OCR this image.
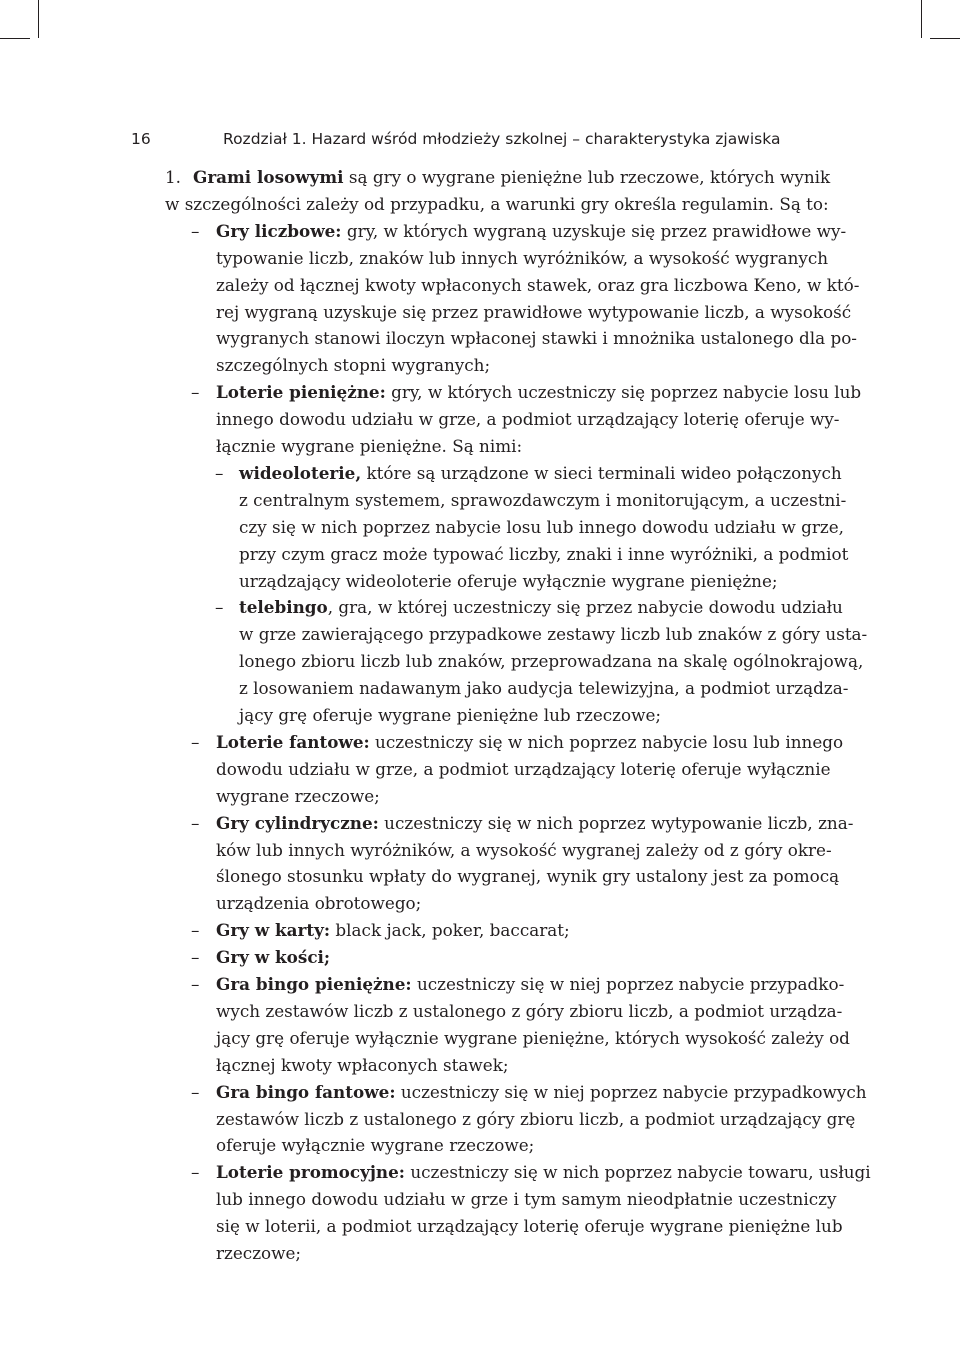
16	Rozdział 1. Hazard wśród młodzieży szkolnej – charakterystyka zjawiska
1. Grami losowymi są gry o wygrane pieniężne lub rzeczowe, których wynik
w szczególności zależy od przypadku, a warunki gry określa regulamin. Są to:
– Gry liczbowe: gry, w których wygraną uzyskuje się przez prawidłowe wy-
typowanie liczb, znaków lub innych wyróżników, a wysokość wygranych
zależy od łącznej kwoty wpłaconych stawek, oraz gra liczbowa Keno, w któ-
rej wygraną uzyskuje się przez prawidłowe wytypowanie liczb, a wysokość
wygranych stanowi iloczyn wpłaconej stawki i mnożnika ustalonego dla po-
szczególnych stopni wygranych;
– Loterie pieniężne: gry, w których uczestniczy się poprzez nabycie losu lub
innego dowodu udziału w grze, a podmiot urządzający loterię oferuje wy-
łącznie wygrane pieniężne. Są nimi:
– wideoloterie, które są urządzone w sieci terminali wideo połączonych
z centralnym systemem, sprawozdawczym i monitorującym, a uczestni-
czy się w nich poprzez nabycie losu lub innego dowodu udziału w grze,
przy czym gracz może typować liczby, znaki i inne wyróżniki, a podmiot
urządzający wideoloterie oferuje wyłącznie wygrane pieniężne;
– telebingo, gra, w której uczestniczy się przez nabycie dowodu udziału
w grze zawierającego przypadkowe zestawy liczb lub znaków z góry usta-
lonego zbioru liczb lub znaków, przeprowadzana na skalę ogólnokrajową,
z losowaniem nadawanym jako audycja telewizyjna, a podmiot urządza-
jący grę oferuje wygrane pieniężne lub rzeczowe;
– Loterie fantowe: uczestniczy się w nich poprzez nabycie losu lub innego
dowodu udziału w grze, a podmiot urządzający loterię oferuje wyłącznie
wygrane rzeczowe;
– Gry cylindryczne: uczestniczy się w nich poprzez wytypowanie liczb, zna-
ków lub innych wyróżników, a wysokość wygranej zależy od z góry okre-
ślonego stosunku wpłaty do wygranej, wynik gry ustalony jest za pomocą
urządzenia obrotowego;
– Gry w karty: black jack, poker, baccarat;
– Gry w kości;
– Gra bingo pieniężne: uczestniczy się w niej poprzez nabycie przypadko-
wych zestawów liczb z ustalonego z góry zbioru liczb, a podmiot urządza-
jący grę oferuje wyłącznie wygrane pieniężne, których wysokość zależy od
łącznej kwoty wpłaconych stawek;
– Gra bingo fantowe: uczestniczy się w niej poprzez nabycie przypadkowych
zestawów liczb z ustalonego z góry zbioru liczb, a podmiot urządzający grę
oferuje wyłącznie wygrane rzeczowe;
– Loterie promocyjne: uczestniczy się w nich poprzez nabycie towaru, usługi
lub innego dowodu udziału w grze i tym samym nieodpłatnie uczestniczy
się w loterii, a podmiot urządzający loterię oferuje wygrane pieniężne lub
rzeczowe;
